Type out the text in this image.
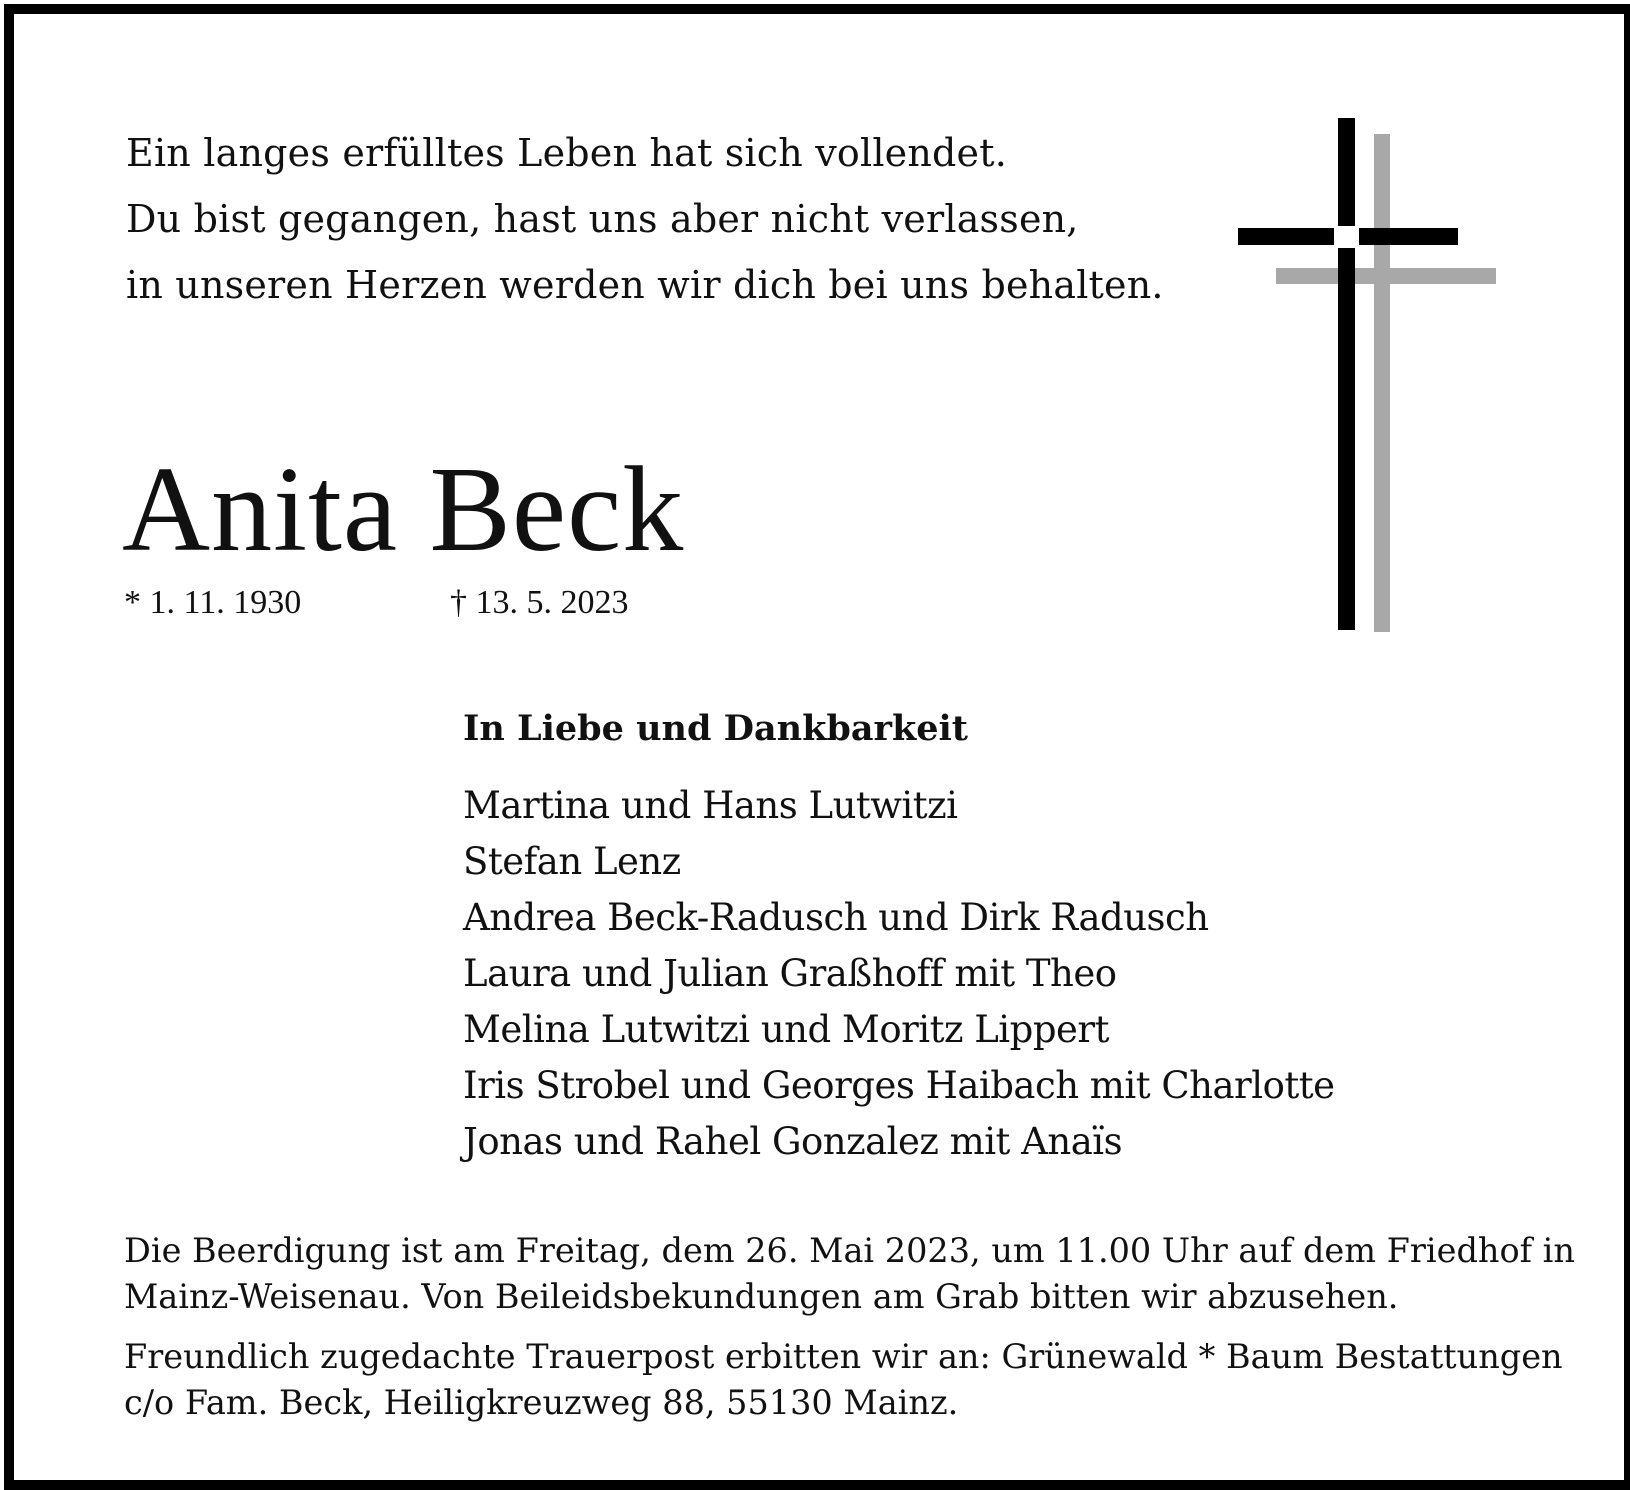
Ein langes erfülltes Leben hat sich vollendet.
Du bist gegangen, hast uns aber nicht verlassen,
in unseren Herzen werden wir dich bei uns behalten.
Anita Beck
* 1. 11. 1930	† 13. 5. 2023
In Liebe und Dankbarkeit
Martina und Hans Lutwitzi
Stefan Lenz
Andrea Beck-Radusch und Dirk Radusch
Laura und Julian Graßhoff mit Theo
Melina Lutwitzi und Moritz Lippert
Iris Strobel und Georges Haibach mit Charlotte
Jonas und Rahel Gonzalez mit Anaïs
Die Beerdigung ist am Freitag, dem 26. Mai 2023, um 11.00 Uhr auf dem Friedhof in
Mainz-Weisenau. Von Beileidsbekundungen am Grab bitten wir abzusehen.
Freundlich zugedachte Trauerpost erbitten wir an: Grünewald * Baum Bestattungen
c/o Fam. Beck, Heiligkreuzweg 88, 55130 Mainz.
